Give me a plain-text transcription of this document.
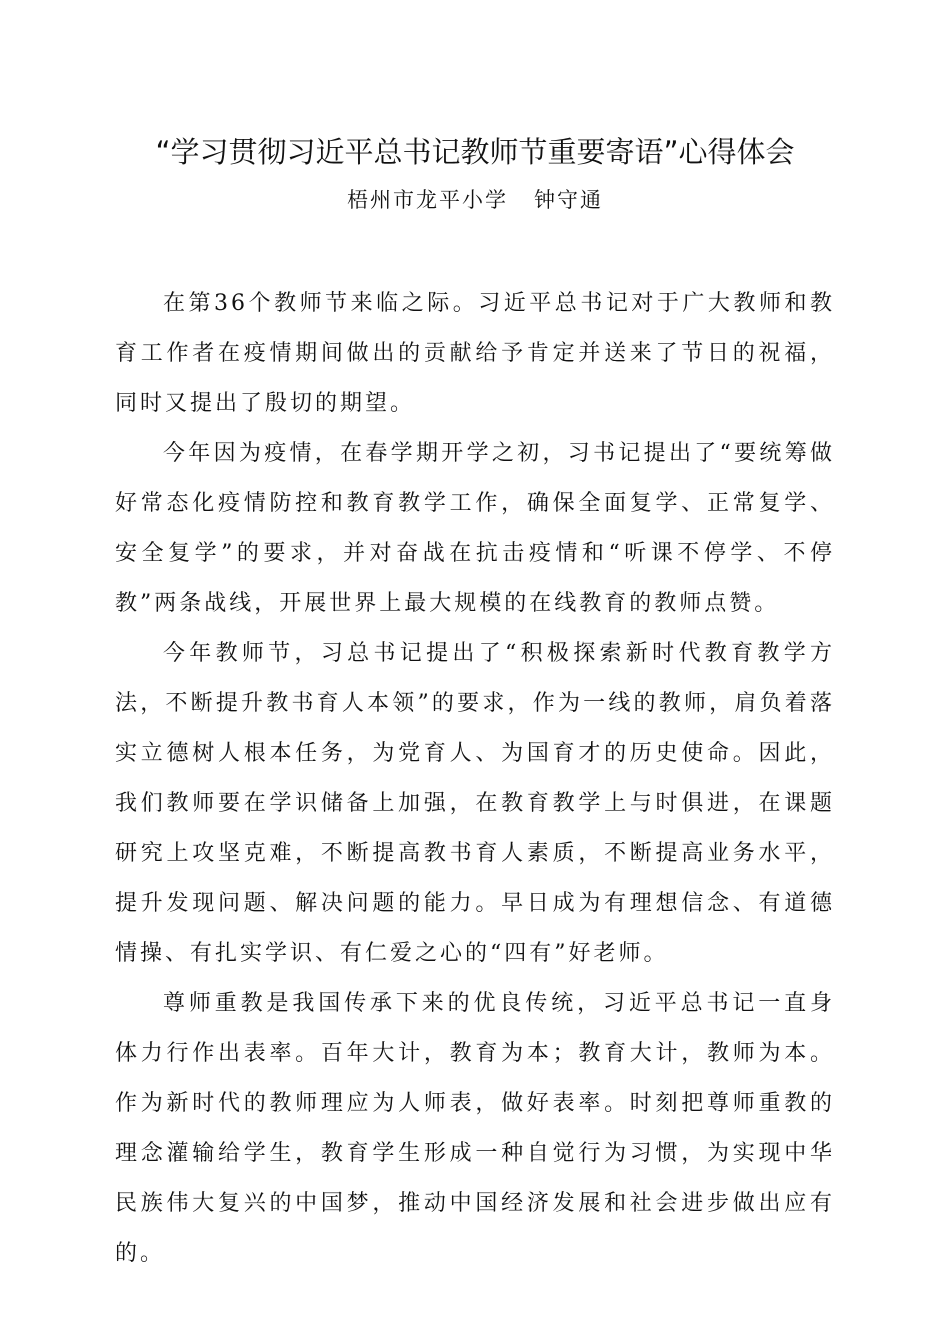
“学习贯彻习近平总书记教师节重要寄语”心得体会
梧州市龙平小学   钟守通

在第36个教师节来临之际。习近平总书记对于广大教师和教育工作者在疫情期间做出的贡献给予肯定并送来了节日的祝福，同时又提出了殷切的期望。

今年因为疫情，在春学期开学之初，习书记提出了“要统筹做好常态化疫情防控和教育教学工作，确保全面复学、正常复学、安全复学”的要求，并对奋战在抗击疫情和“听课不停学、不停教”两条战线，开展世界上最大规模的在线教育的教师点赞。

今年教师节，习总书记提出了“积极探索新时代教育教学方法，不断提升教书育人本领”的要求，作为一线的教师，肩负着落实立德树人根本任务，为党育人、为国育才的历史使命。因此，我们教师要在学识储备上加强，在教育教学上与时俱进，在课题研究上攻坚克难，不断提高教书育人素质，不断提高业务水平，提升发现问题、解决问题的能力。早日成为有理想信念、有道德情操、有扎实学识、有仁爱之心的“四有”好老师。

尊师重教是我国传承下来的优良传统，习近平总书记一直身体力行作出表率。百年大计，教育为本；教育大计，教师为本。作为新时代的教师理应为人师表，做好表率。时刻把尊师重教的理念灌输给学生，教育学生形成一种自觉行为习惯，为实现中华民族伟大复兴的中国梦，推动中国经济发展和社会进步做出应有的。
